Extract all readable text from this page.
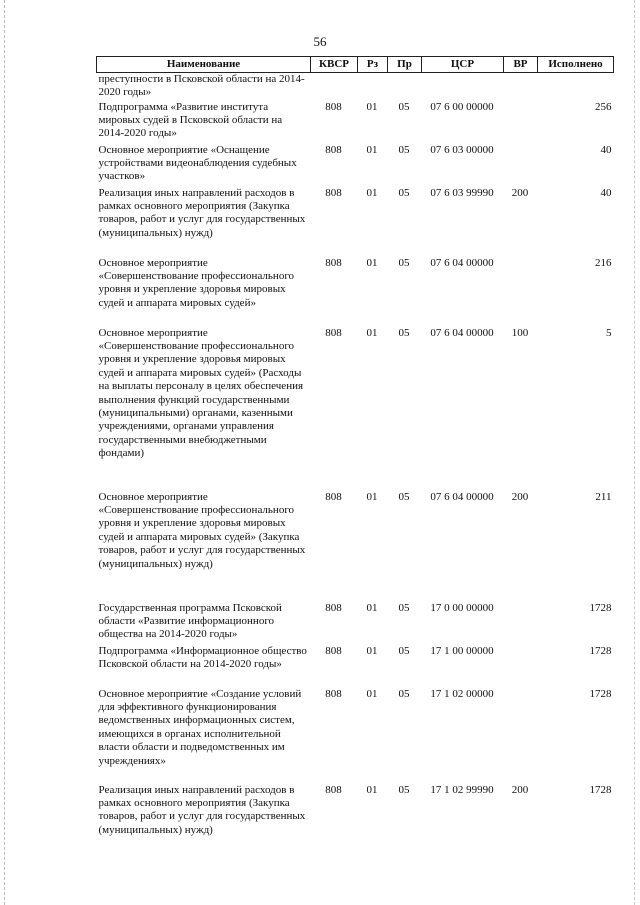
56
Наименование	КВСР	Рз	Пр	ЦСР	ВР	Исполнено
преступности в Псковской области на 2014-2020 годы»						
Подпрограмма «Развитие института мировых судей в Псковской области на 2014-2020 годы»	808	01	05	07 6 00 00000		256
Основное мероприятие «Оснащение устройствами видеонаблюдения судебных участков»	808	01	05	07 6 03 00000		40
Реализация иных направлений расходов в рамках основного мероприятия (Закупка товаров, работ и услуг для государственных (муниципальных) нужд)	808	01	05	07 6 03 99990	200	40
Основное мероприятие «Совершенствование профессионального уровня и укрепление здоровья мировых судей и аппарата мировых судей»	808	01	05	07 6 04 00000		216
Основное мероприятие «Совершенствование профессионального уровня и укрепление здоровья мировых судей и аппарата мировых судей» (Расходы на выплаты персоналу в целях обеспечения выполнения функций государственными (муниципальными) органами, казенными учреждениями, органами управления государственными внебюджетными фондами)	808	01	05	07 6 04 00000	100	5
Основное мероприятие «Совершенствование профессионального уровня и укрепление здоровья мировых судей и аппарата мировых судей» (Закупка товаров, работ и услуг для государственных (муниципальных) нужд)	808	01	05	07 6 04 00000	200	211
Государственная программа Псковской области «Развитие информационного общества на 2014-2020 годы»	808	01	05	17 0 00 00000		1728
Подпрограмма «Информационное общество Псковской области на 2014-2020 годы»	808	01	05	17 1 00 00000		1728
Основное мероприятие «Создание условий для эффективного функционирования ведомственных информационных систем, имеющихся в органах исполнительной власти области и подведомственных им учреждениях»	808	01	05	17 1 02 00000		1728
Реализация иных направлений расходов в рамках основного мероприятия (Закупка товаров, работ и услуг для государственных (муниципальных) нужд)	808	01	05	17 1 02 99990	200	1728
